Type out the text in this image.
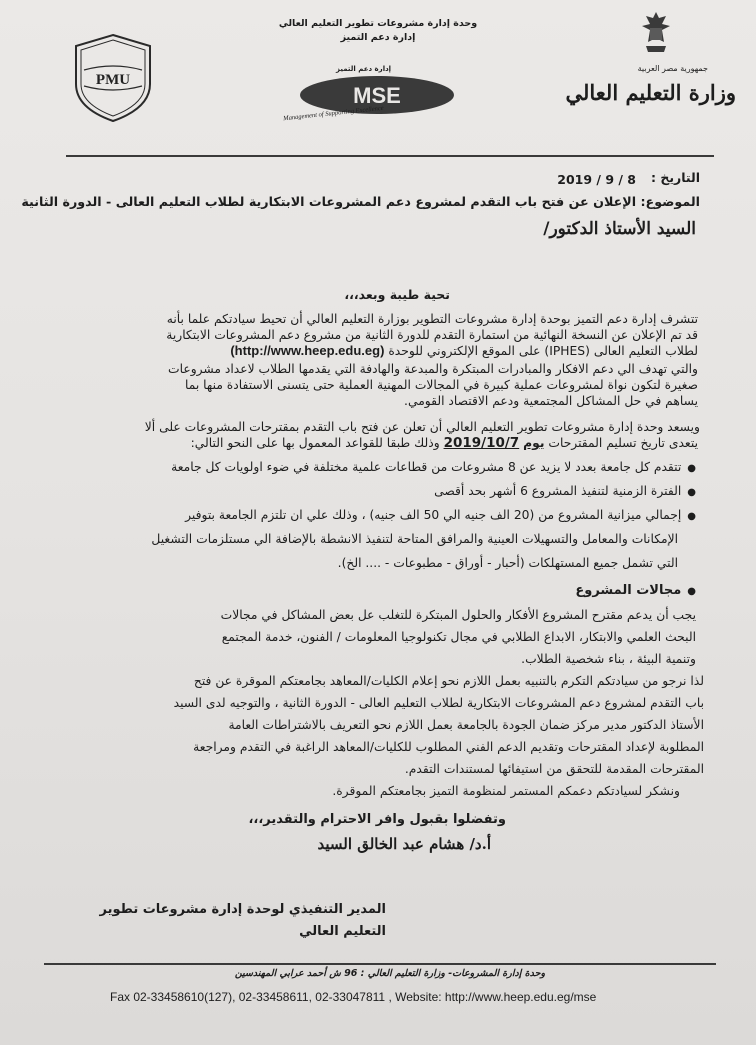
PMU
وحدة إدارة مشروعات تطوير التعليم العالي
إدارة دعم التميز
إدارة دعم التميز
MSE
Management of Supporting Excellence
جمهورية مصر العربية
وزارة التعليم العالي
التاريخ :
2019 / 9 / 8
الموضوع: الإعلان عن فتح باب التقدم لمشروع دعم المشروعات الابتكارية لطلاب التعليم العالى - الدورة الثانية
السيد الأستاذ الدكتور/
تحية طيبة وبعد،،،
تتشرف إدارة دعم التميز بوحدة إدارة مشروعات التطوير بوزارة التعليم العالي أن تحيط سيادتكم علما بأنه
قد تم الإعلان عن النسخة النهائية من استمارة التقدم للدورة الثانية من مشروع دعم المشروعات الابتكارية
لطلاب التعليم العالى (IPHES) على الموقع الإلكتروني للوحدة (http://www.heep.edu.eg)
والتي تهدف الي دعم الافكار والمبادرات المبتكرة والمبدعة والهادفة التي يقدمها الطلاب لاعداد مشروعات
صغيرة لتكون نواة لمشروعات عملية كبيرة في المجالات المهنية العملية حتى يتسنى الاستفادة منها بما
يساهم في حل المشاكل المجتمعية ودعم الاقتصاد القومي.
ويسعد وحدة إدارة مشروعات تطوير التعليم العالي أن تعلن عن فتح باب التقدم بمقترحات المشروعات على ألا
يتعدى تاريخ تسليم المقترحات يوم 2019/10/7 وذلك طبقا للقواعد المعمول بها على النحو التالي:
●تتقدم كل جامعة بعدد لا يزيد عن 8 مشروعات من قطاعات علمية مختلفة في ضوء اولويات كل جامعة
●الفترة الزمنية لتنفيذ المشروع 6 أشهر بحد أقصى
●إجمالي ميزانية المشروع من (20 الف جنيه الي 50 الف جنيه) ، وذلك علي ان تلتزم الجامعة بتوفير
الإمكانات والمعامل والتسهيلات العينية والمرافق المتاحة لتنفيذ الانشطة بالإضافة الي مستلزمات التشغيل
التي تشمل جميع المستهلكات (أحبار - أوراق - مطبوعات - .... الخ).
●مجالات المشروع
يجب أن يدعم مقترح المشروع الأفكار والحلول المبتكرة للتغلب عل بعض المشاكل في مجالات
البحث العلمي والابتكار، الابداع الطلابي في مجال تكنولوجيا المعلومات / الفنون، خدمة المجتمع
وتنمية البيئة ، بناء شخصية الطلاب.
لذا نرجو من سيادتكم التكرم بالتنبيه بعمل اللازم نحو إعلام الكليات/المعاهد بجامعتكم الموقرة عن فتح
باب التقدم لمشروع دعم المشروعات الابتكارية لطلاب التعليم العالى - الدورة الثانية ، والتوجيه لدى السيد
الأستاذ الدكتور مدير مركز ضمان الجودة بالجامعة بعمل اللازم نحو التعريف بالاشتراطات العامة
المطلوبة لإعداد المقترحات وتقديم الدعم الفني المطلوب للكليات/المعاهد الراغبة في التقدم ومراجعة
المقترحات المقدمة للتحقق من استيفائها لمستندات التقدم.
ونشكر لسيادتكم دعمكم المستمر لمنظومة التميز بجامعتكم الموقرة.
وتفضلوا بقبول وافر الاحترام والتقدير،،،
أ.د/ هشام عبد الخالق السيد
المدير التنفيذي لوحدة إدارة مشروعات تطوير
التعليم العالي
وحدة إدارة المشروعات- وزارة التعليم العالي : 96 ش أحمد عرابي المهندسين
Fax 02-33458610(127), 02-33458611, 02-33047811 , Website: http://www.heep.edu.eg/mse
